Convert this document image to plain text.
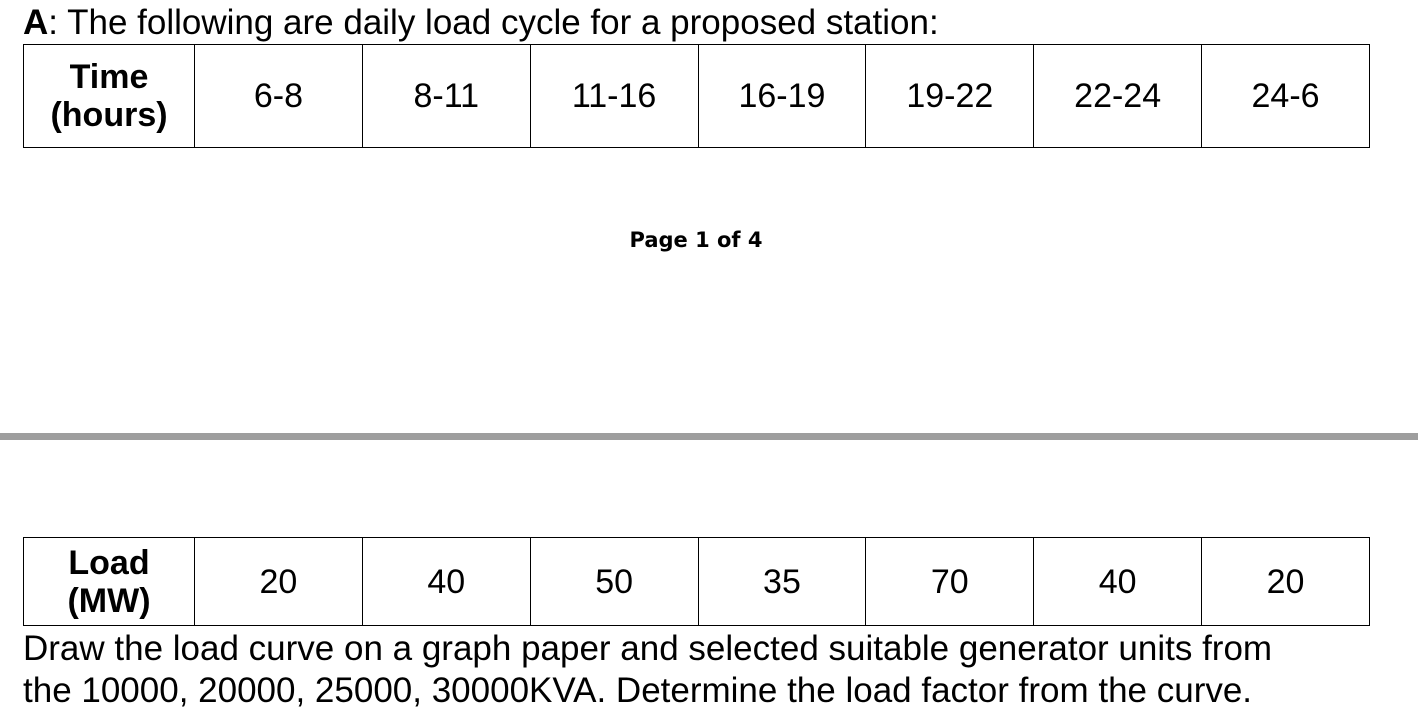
A: The following are daily load cycle for a proposed station:
Time
(hours)	6-8	8-11	11-16	16-19	19-22	22-24	24-6
Page 1 of 4
Load
(MW)	20	40	50	35	70	40	20
Draw the load curve on a graph paper and selected suitable generator units from
the 10000, 20000, 25000, 30000KVA. Determine the load factor from the curve.
